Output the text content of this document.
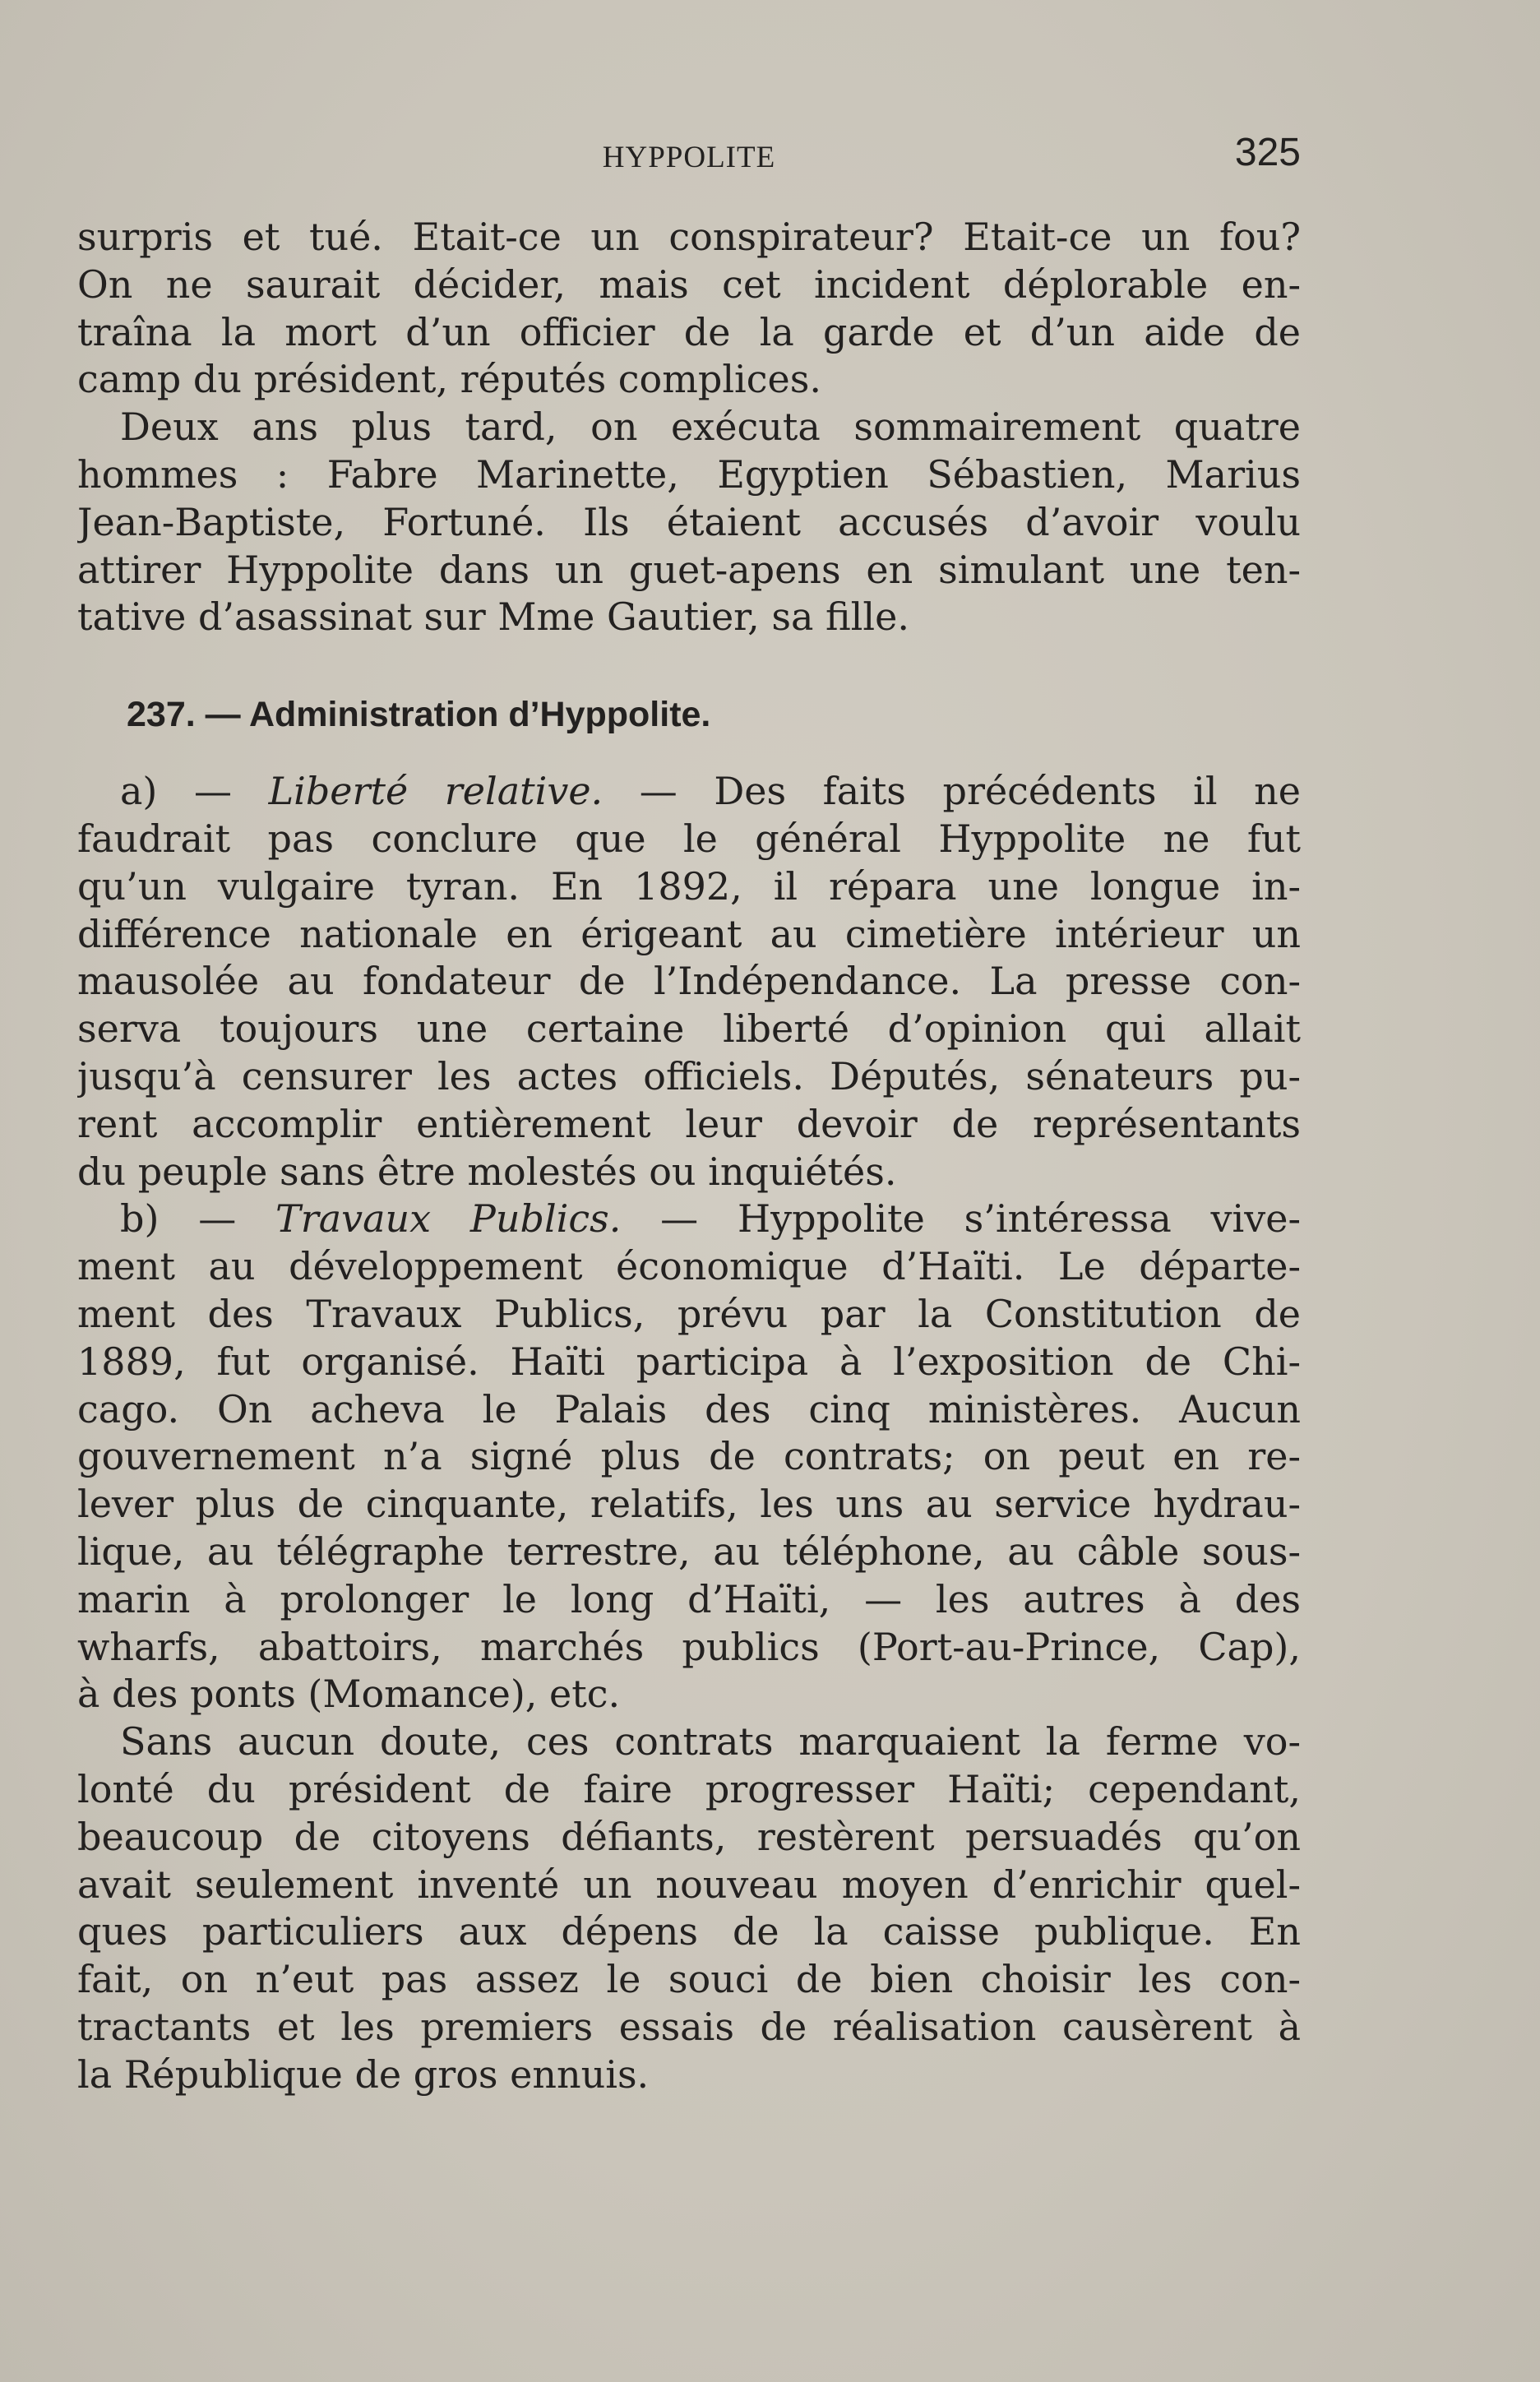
HYPPOLITE	325
surpris et tué. Etait-ce un conspirateur? Etait-ce un fou?
On ne saurait décider, mais cet incident déplorable en-
traîna la mort d’un officier de la garde et d’un aide de
camp du président, réputés complices.
Deux ans plus tard, on exécuta sommairement quatre
hommes : Fabre Marinette, Egyptien Sébastien, Marius
Jean-Baptiste, Fortuné. Ils étaient accusés d’avoir voulu
attirer Hyppolite dans un guet-apens en simulant une ten-
tative d’asassinat sur Mme Gautier, sa fille.
237. — Administration d’Hyppolite.
a) — Liberté relative. — Des faits précédents il ne
faudrait pas conclure que le général Hyppolite ne fut
qu’un vulgaire tyran. En 1892, il répara une longue in-
différence nationale en érigeant au cimetière intérieur un
mausolée au fondateur de l’Indépendance. La presse con-
serva toujours une certaine liberté d’opinion qui allait
jusqu’à censurer les actes officiels. Députés, sénateurs pu-
rent accomplir entièrement leur devoir de représentants
du peuple sans être molestés ou inquiétés.
b) — Travaux Publics. — Hyppolite s’intéressa vive-
ment au développement économique d’Haïti. Le départe-
ment des Travaux Publics, prévu par la Constitution de
1889, fut organisé. Haïti participa à l’exposition de Chi-
cago. On acheva le Palais des cinq ministères. Aucun
gouvernement n’a signé plus de contrats; on peut en re-
lever plus de cinquante, relatifs, les uns au service hydrau-
lique, au télégraphe terrestre, au téléphone, au câble sous-
marin à prolonger le long d’Haïti, — les autres à des
wharfs, abattoirs, marchés publics (Port-au-Prince, Cap),
à des ponts (Momance), etc.
Sans aucun doute, ces contrats marquaient la ferme vo-
lonté du président de faire progresser Haïti; cependant,
beaucoup de citoyens défiants, restèrent persuadés qu’on
avait seulement inventé un nouveau moyen d’enrichir quel-
ques particuliers aux dépens de la caisse publique. En
fait, on n’eut pas assez le souci de bien choisir les con-
tractants et les premiers essais de réalisation causèrent à
la République de gros ennuis.
